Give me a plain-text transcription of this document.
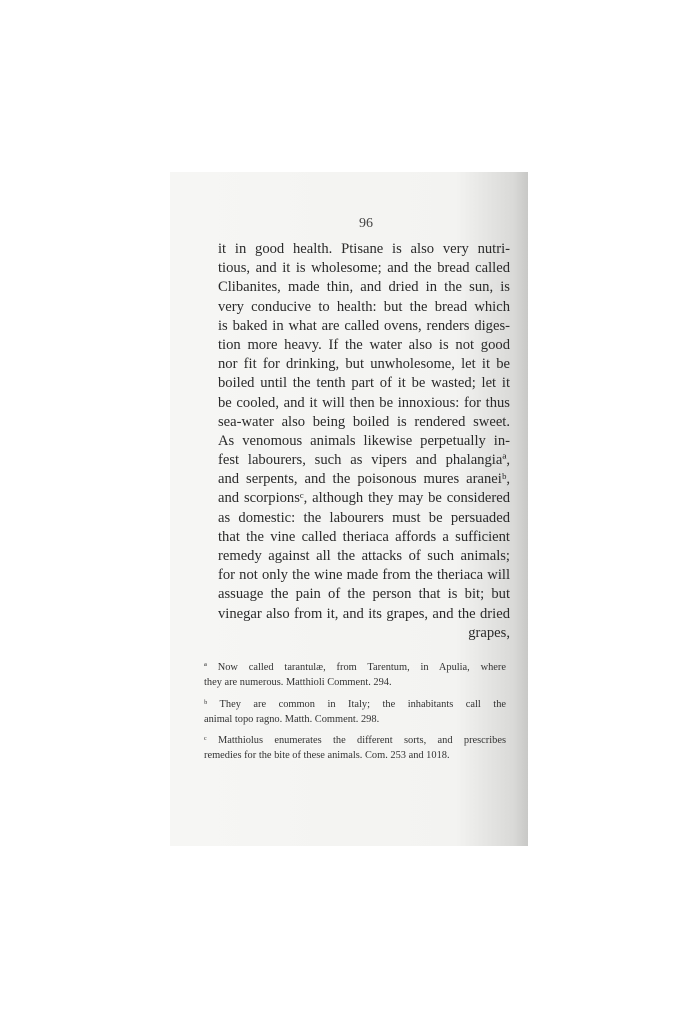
96
it in good health. Ptisane is also very nutri-
tious, and it is wholesome; and the bread called
Clibanites, made thin, and dried in the sun, is
very conducive to health: but the bread which
is baked in what are called ovens, renders diges-
tion more heavy. If the water also is not good
nor fit for drinking, but unwholesome, let it be
boiled until the tenth part of it be wasted; let it
be cooled, and it will then be innoxious: for thus
sea-water also being boiled is rendered sweet.
As venomous animals likewise perpetually in-
fest labourers, such as vipers and phalangiaª,
and serpents, and the poisonous mures araneiᵇ,
and scorpionsᶜ, although they may be considered
as domestic: the labourers must be persuaded
that the vine called theriaca affords a sufficient
remedy against all the attacks of such animals;
for not only the wine made from the theriaca will
assuage the pain of the person that is bit; but
vinegar also from it, and its grapes, and the dried
grapes,
ª Now called tarantulæ, from Tarentum, in Apulia, where
they are numerous. Matthioli Comment. 294.
ᵇ They are common in Italy; the inhabitants call the
animal topo ragno. Matth. Comment. 298.
ᶜ Matthiolus enumerates the different sorts, and prescribes
remedies for the bite of these animals. Com. 253 and 1018.
